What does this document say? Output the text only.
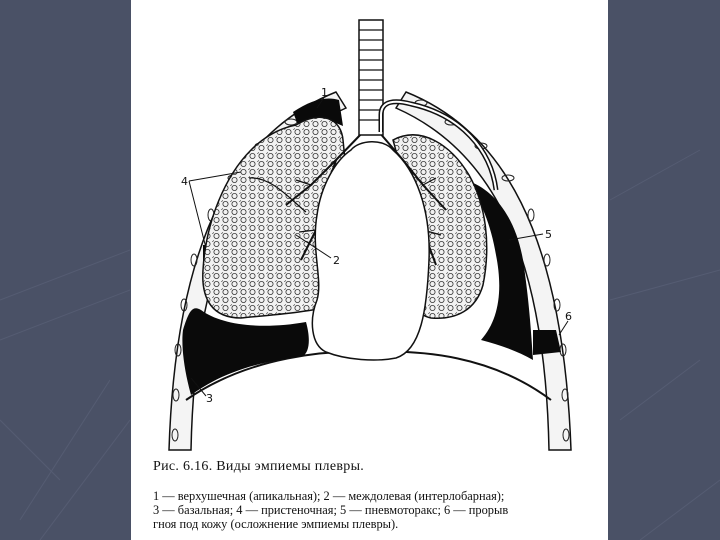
1
4
2
3
5
6
Рис. 6.16. Виды эмпиемы плевры.
1 — верхушечная (апикальная); 2 — междолевая (интерлобарная);
3 — базальная; 4 — пристеночная; 5 — пневмоторакс; 6 — прорыв
гноя под кожу (осложнение эмпиемы плевры).
